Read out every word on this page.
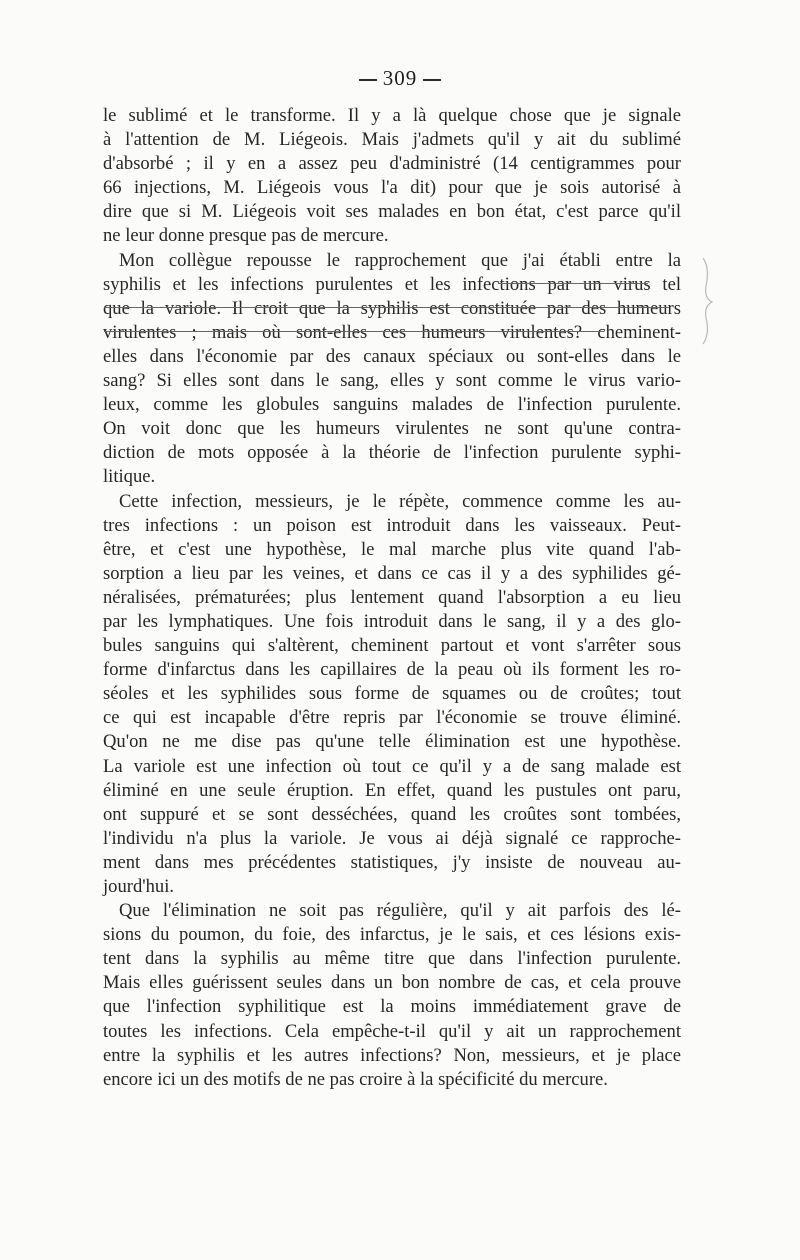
309

le sublimé et le transforme. Il y a là quelque chose que je signale
à l'attention de M. Liégeois. Mais j'admets qu'il y ait du sublimé
d'absorbé ; il y en a assez peu d'administré (14 centigrammes pour
66 injections, M. Liégeois vous l'a dit) pour que je sois autorisé à
dire que si M. Liégeois voit ses malades en bon état, c'est parce qu'il
ne leur donne presque pas de mercure.

Mon collègue repousse le rapprochement que j'ai établi entre la
syphilis et les infections purulentes et les infections par un virus tel
que la variole. Il croit que la syphilis est constituée par des humeurs
virulentes ; mais où sont-elles ces humeurs virulentes? cheminent-
elles dans l'économie par des canaux spéciaux ou sont-elles dans le
sang? Si elles sont dans le sang, elles y sont comme le virus vario-
leux, comme les globules sanguins malades de l'infection purulente.
On voit donc que les humeurs virulentes ne sont qu'une contra-
diction de mots opposée à la théorie de l'infection purulente syphi-
litique.

Cette infection, messieurs, je le répète, commence comme les au-
tres infections : un poison est introduit dans les vaisseaux. Peut-
être, et c'est une hypothèse, le mal marche plus vite quand l'ab-
sorption a lieu par les veines, et dans ce cas il y a des syphilides gé-
néralisées, prématurées; plus lentement quand l'absorption a eu lieu
par les lymphatiques. Une fois introduit dans le sang, il y a des glo-
bules sanguins qui s'altèrent, cheminent partout et vont s'arrêter sous
forme d'infarctus dans les capillaires de la peau où ils forment les ro-
séoles et les syphilides sous forme de squames ou de croûtes; tout
ce qui est incapable d'être repris par l'économie se trouve éliminé.
Qu'on ne me dise pas qu'une telle élimination est une hypothèse.
La variole est une infection où tout ce qu'il y a de sang malade est
éliminé en une seule éruption. En effet, quand les pustules ont paru,
ont suppuré et se sont desséchées, quand les croûtes sont tombées,
l'individu n'a plus la variole. Je vous ai déjà signalé ce rapproche-
ment dans mes précédentes statistiques, j'y insiste de nouveau au-
jourd'hui.

Que l'élimination ne soit pas régulière, qu'il y ait parfois des lé-
sions du poumon, du foie, des infarctus, je le sais, et ces lésions exis-
tent dans la syphilis au même titre que dans l'infection purulente.
Mais elles guérissent seules dans un bon nombre de cas, et cela prouve
que l'infection syphilitique est la moins immédiatement grave de
toutes les infections. Cela empêche-t-il qu'il y ait un rapprochement
entre la syphilis et les autres infections? Non, messieurs, et je place
encore ici un des motifs de ne pas croire à la spécificité du mercure.
